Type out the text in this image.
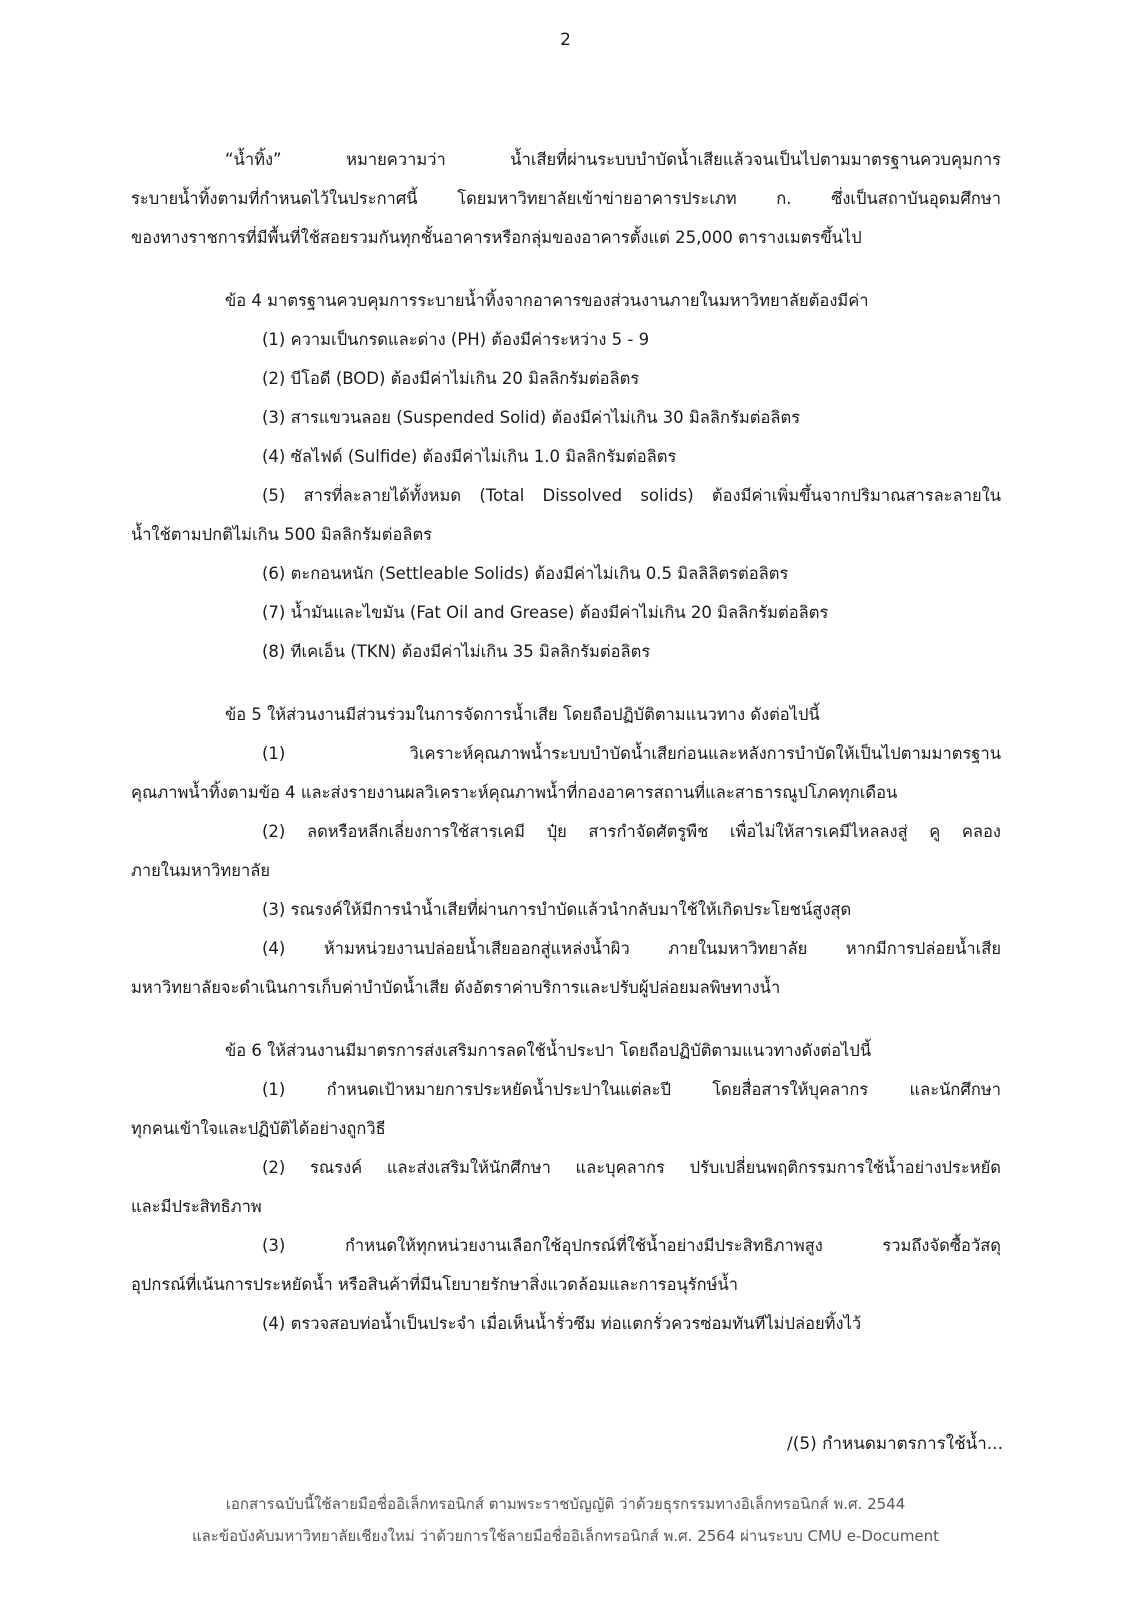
2
“น้ำทิ้ง” หมายความว่า น้ำเสียที่ผ่านระบบบำบัดน้ำเสียแล้วจนเป็นไปตามมาตรฐานควบคุมการ
ระบายน้ำทิ้งตามที่กำหนดไว้ในประกาศนี้ โดยมหาวิทยาลัยเข้าข่ายอาคารประเภท ก. ซึ่งเป็นสถาบันอุดมศึกษา
ของทางราชการที่มีพื้นที่ใช้สอยรวมกันทุกชั้นอาคารหรือกลุ่มของอาคารตั้งแต่ 25,000 ตารางเมตรขึ้นไป
ข้อ 4 มาตรฐานควบคุมการระบายน้ำทิ้งจากอาคารของส่วนงานภายในมหาวิทยาลัยต้องมีค่า
(1) ความเป็นกรดและด่าง (PH) ต้องมีค่าระหว่าง 5 - 9
(2) บีโอดี (BOD) ต้องมีค่าไม่เกิน 20 มิลลิกรัมต่อลิตร
(3) สารแขวนลอย (Suspended Solid) ต้องมีค่าไม่เกิน 30 มิลลิกรัมต่อลิตร
(4) ซัลไฟด์ (Sulfide) ต้องมีค่าไม่เกิน 1.0 มิลลิกรัมต่อลิตร
(5) สารที่ละลายได้ทั้งหมด (Total Dissolved solids) ต้องมีค่าเพิ่มขึ้นจากปริมาณสารละลายใน
น้ำใช้ตามปกติไม่เกิน 500 มิลลิกรัมต่อลิตร
(6) ตะกอนหนัก (Settleable Solids) ต้องมีค่าไม่เกิน 0.5 มิลลิลิตรต่อลิตร
(7) น้ำมันและไขมัน (Fat Oil and Grease) ต้องมีค่าไม่เกิน 20 มิลลิกรัมต่อลิตร
(8) ทีเคเอ็น (TKN) ต้องมีค่าไม่เกิน 35 มิลลิกรัมต่อลิตร
ข้อ 5 ให้ส่วนงานมีส่วนร่วมในการจัดการน้ำเสีย โดยถือปฏิบัติตามแนวทาง ดังต่อไปนี้
(1) วิเคราะห์คุณภาพน้ำระบบบำบัดน้ำเสียก่อนและหลังการบำบัดให้เป็นไปตามมาตรฐาน
คุณภาพน้ำทิ้งตามข้อ 4 และส่งรายงานผลวิเคราะห์คุณภาพน้ำที่กองอาคารสถานที่และสาธารณูปโภคทุกเดือน
(2) ลดหรือหลีกเลี่ยงการใช้สารเคมี ปุ๋ย สารกำจัดศัตรูพืช เพื่อไม่ให้สารเคมีไหลลงสู่ คู คลอง
ภายในมหาวิทยาลัย
(3) รณรงค์ให้มีการนำน้ำเสียที่ผ่านการบำบัดแล้วนำกลับมาใช้ให้เกิดประโยชน์สูงสุด
(4) ห้ามหน่วยงานปล่อยน้ำเสียออกสู่แหล่งน้ำผิว ภายในมหาวิทยาลัย หากมีการปล่อยน้ำเสีย
มหาวิทยาลัยจะดำเนินการเก็บค่าบำบัดน้ำเสีย ดังอัตราค่าบริการและปรับผู้ปล่อยมลพิษทางน้ำ
ข้อ 6 ให้ส่วนงานมีมาตรการส่งเสริมการลดใช้น้ำประปา โดยถือปฏิบัติตามแนวทางดังต่อไปนี้
(1) กำหนดเป้าหมายการประหยัดน้ำประปาในแต่ละปี โดยสื่อสารให้บุคลากร และนักศึกษา
ทุกคนเข้าใจและปฏิบัติได้อย่างถูกวิธี
(2) รณรงค์ และส่งเสริมให้นักศึกษา และบุคลากร ปรับเปลี่ยนพฤติกรรมการใช้น้ำอย่างประหยัด
และมีประสิทธิภาพ
(3) กำหนดให้ทุกหน่วยงานเลือกใช้อุปกรณ์ที่ใช้น้ำอย่างมีประสิทธิภาพสูง รวมถึงจัดซื้อวัสดุ
อุปกรณ์ที่เน้นการประหยัดน้ำ หรือสินค้าที่มีนโยบายรักษาสิ่งแวดล้อมและการอนุรักษ์น้ำ
(4) ตรวจสอบท่อน้ำเป็นประจำ เมื่อเห็นน้ำรั่วซึม ท่อแตกรั่วควรซ่อมทันทีไม่ปล่อยทิ้งไว้
/(5) กำหนดมาตรการใช้น้ำ...
เอกสารฉบับนี้ใช้ลายมือชื่ออิเล็กทรอนิกส์ ตามพระราชบัญญัติ ว่าด้วยธุรกรรมทางอิเล็กทรอนิกส์ พ.ศ. 2544
และข้อบังคับมหาวิทยาลัยเชียงใหม่ ว่าด้วยการใช้ลายมือชื่ออิเล็กทรอนิกส์ พ.ศ. 2564 ผ่านระบบ CMU e-Document
